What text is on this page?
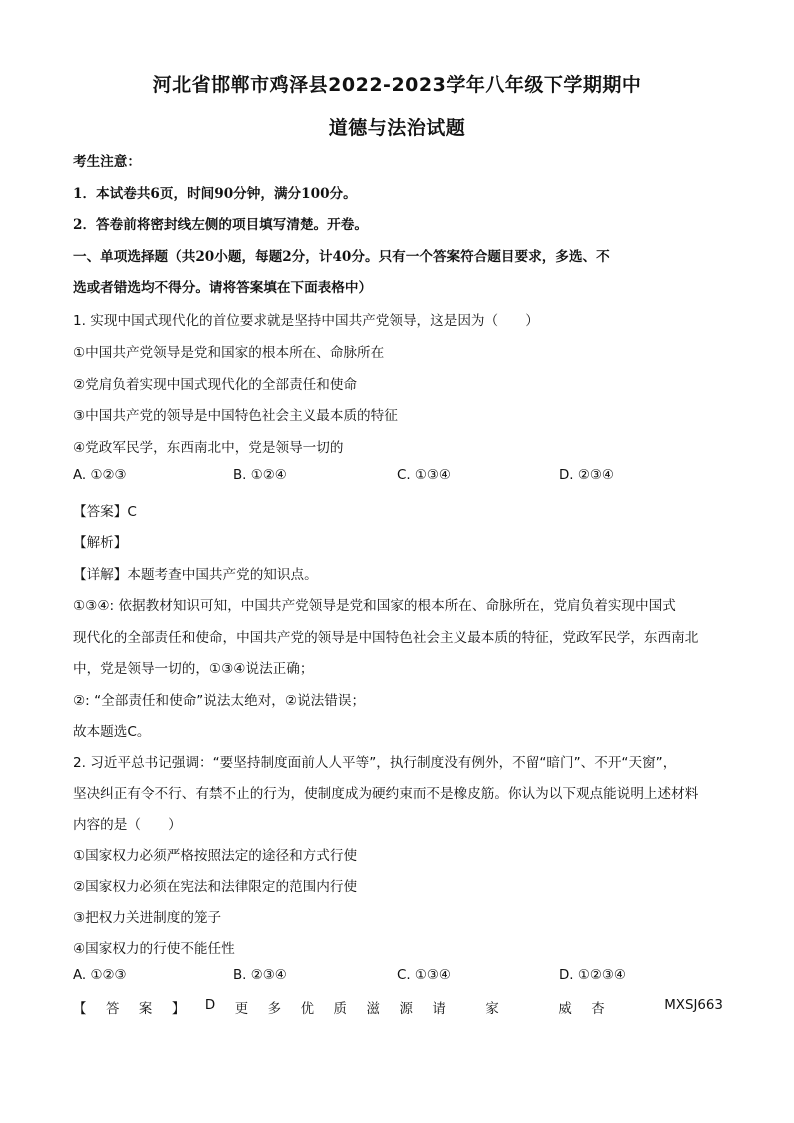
河北省邯郸市鸡泽县2022-2023学年八年级下学期期中
道德与法治试题
考生注意：
1．本试卷共6页，时间90分钟，满分100分。
2．答卷前将密封线左侧的项目填写清楚。开卷。
一、单项选择题（共20小题，每题2分，计40分。只有一个答案符合题目要求，多选、不
选或者错选均不得分。请将答案填在下面表格中）
1. 实现中国式现代化的首位要求就是坚持中国共产党领导，这是因为（　　）
①中国共产党领导是党和国家的根本所在、命脉所在
②党肩负着实现中国式现代化的全部责任和使命
③中国共产党的领导是中国特色社会主义最本质的特征
④党政军民学，东西南北中，党是领导一切的
A. ①②③	B. ①②④	C. ①③④	D. ②③④
【答案】C
【解析】
【详解】本题考查中国共产党的知识点。
①③④: 依据教材知识可知，中国共产党领导是党和国家的根本所在、命脉所在，党肩负着实现中国式
现代化的全部责任和使命，中国共产党的领导是中国特色社会主义最本质的特征，党政军民学，东西南北
中，党是领导一切的，①③④说法正确；
②: “全部责任和使命”说法太绝对，②说法错误；
故本题选C。
2. 习近平总书记强调：“要坚持制度面前人人平等”，执行制度没有例外，不留“暗门”、不开“天窗”，
坚决纠正有令不行、有禁不止的行为，使制度成为硬约束而不是橡皮筋。你认为以下观点能说明上述材料
内容的是（　　）
①国家权力必须严格按照法定的途径和方式行使
②国家权力必须在宪法和法律限定的范围内行使
③把权力关进制度的笼子
④国家权力的行使不能任性
A. ①②③	B. ②③④	C. ①③④	D. ①②③④
【 答 案 】 D 更 多 优 质 滋 源 请	家	威 杏	MXSJ663
